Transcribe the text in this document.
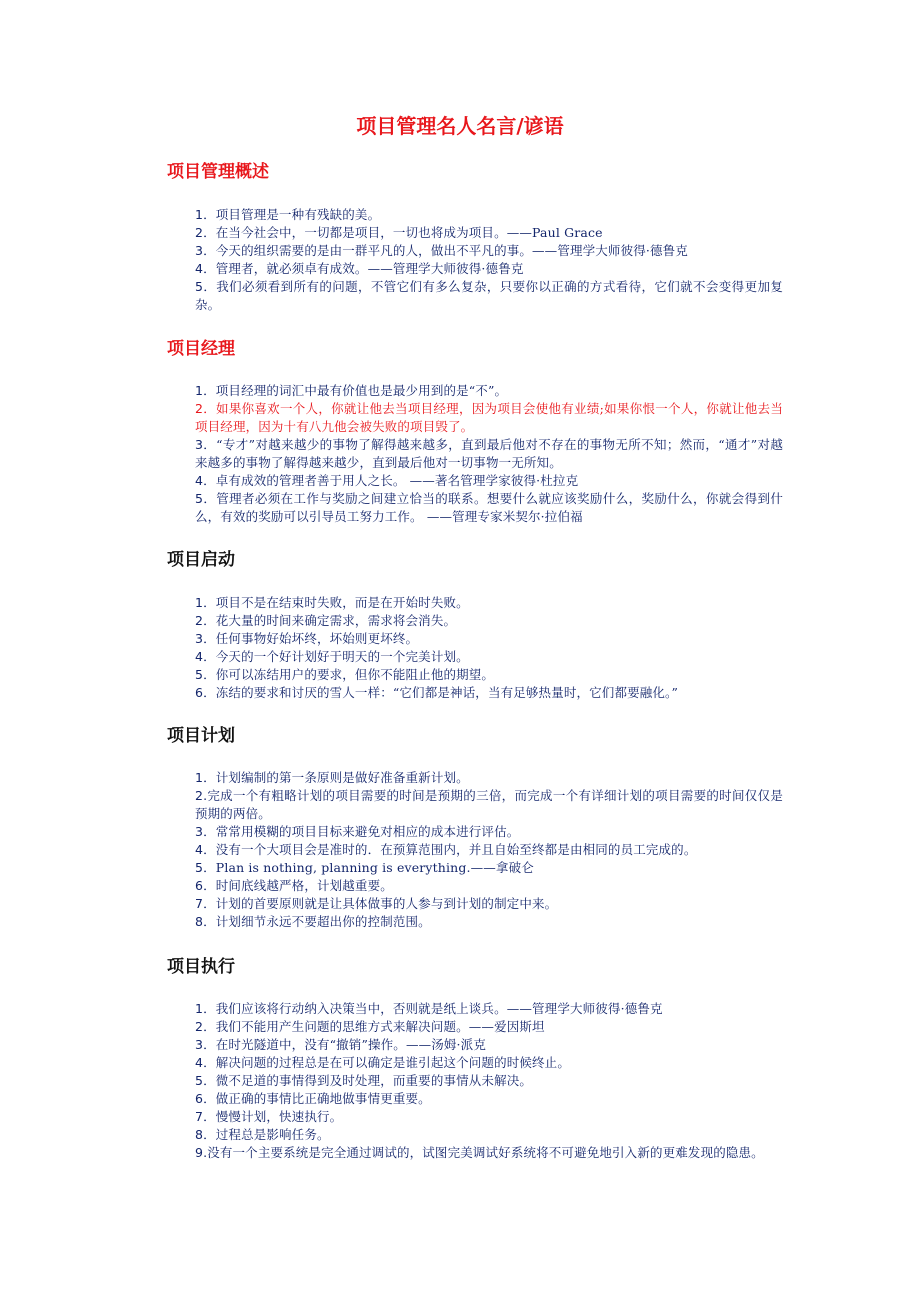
项目管理名人名言/谚语
项目管理概述
1．项目管理是一种有残缺的美。
2．在当今社会中，一切都是项目，一切也将成为项目。——Paul Grace
3．今天的组织需要的是由一群平凡的人，做出不平凡的事。——管理学大师彼得·德鲁克
4．管理者，就必须卓有成效。——管理学大师彼得·德鲁克
5．我们必须看到所有的问题，不管它们有多么复杂，只要你以正确的方式看待，它们就不会变得更加复杂。
项目经理
1．项目经理的词汇中最有价值也是最少用到的是“不”。
2．如果你喜欢一个人，你就让他去当项目经理，因为项目会使他有业绩;如果你恨一个人，你就让他去当项目经理，因为十有八九他会被失败的项目毁了。
3．“专才”对越来越少的事物了解得越来越多，直到最后他对不存在的事物无所不知；然而，“通才”对越来越多的事物了解得越来越少，直到最后他对一切事物一无所知。
4．卓有成效的管理者善于用人之长。 ——著名管理学家彼得·杜拉克
5．管理者必须在工作与奖励之间建立恰当的联系。想要什么就应该奖励什么，奖励什么，你就会得到什么，有效的奖励可以引导员工努力工作。 ——管理专家米契尔·拉伯福
项目启动
1．项目不是在结束时失败，而是在开始时失败。
2．花大量的时间来确定需求，需求将会消失。
3．任何事物好始坏终，坏始则更坏终。
4．今天的一个好计划好于明天的一个完美计划。
5．你可以冻结用户的要求，但你不能阻止他的期望。
6．冻结的要求和讨厌的雪人一样：“它们都是神话，当有足够热量时，它们都要融化。”
项目计划
1．计划编制的第一条原则是做好准备重新计划。
2.完成一个有粗略计划的项目需要的时间是预期的三倍，而完成一个有详细计划的项目需要的时间仅仅是预期的两倍。
3．常常用模糊的项目目标来避免对相应的成本进行评估。
4．没有一个大项目会是准时的．在预算范围内，并且自始至终都是由相同的员工完成的。
5．Plan is nothing, planning is everything.——拿破仑
6．时间底线越严格，计划越重要。
7．计划的首要原则就是让具体做事的人参与到计划的制定中来。
8．计划细节永远不要超出你的控制范围。
项目执行
1．我们应该将行动纳入决策当中，否则就是纸上谈兵。——管理学大师彼得·德鲁克
2．我们不能用产生问题的思维方式来解决问题。——爱因斯坦
3．在时光隧道中，没有“撤销”操作。——汤姆·派克
4．解决问题的过程总是在可以确定是谁引起这个问题的时候终止。
5．微不足道的事情得到及时处理，而重要的事情从未解决。
6．做正确的事情比正确地做事情更重要。
7．慢慢计划，快速执行。
8．过程总是影响任务。
9.没有一个主要系统是完全通过调试的，试图完美调试好系统将不可避免地引入新的更难发现的隐患。
